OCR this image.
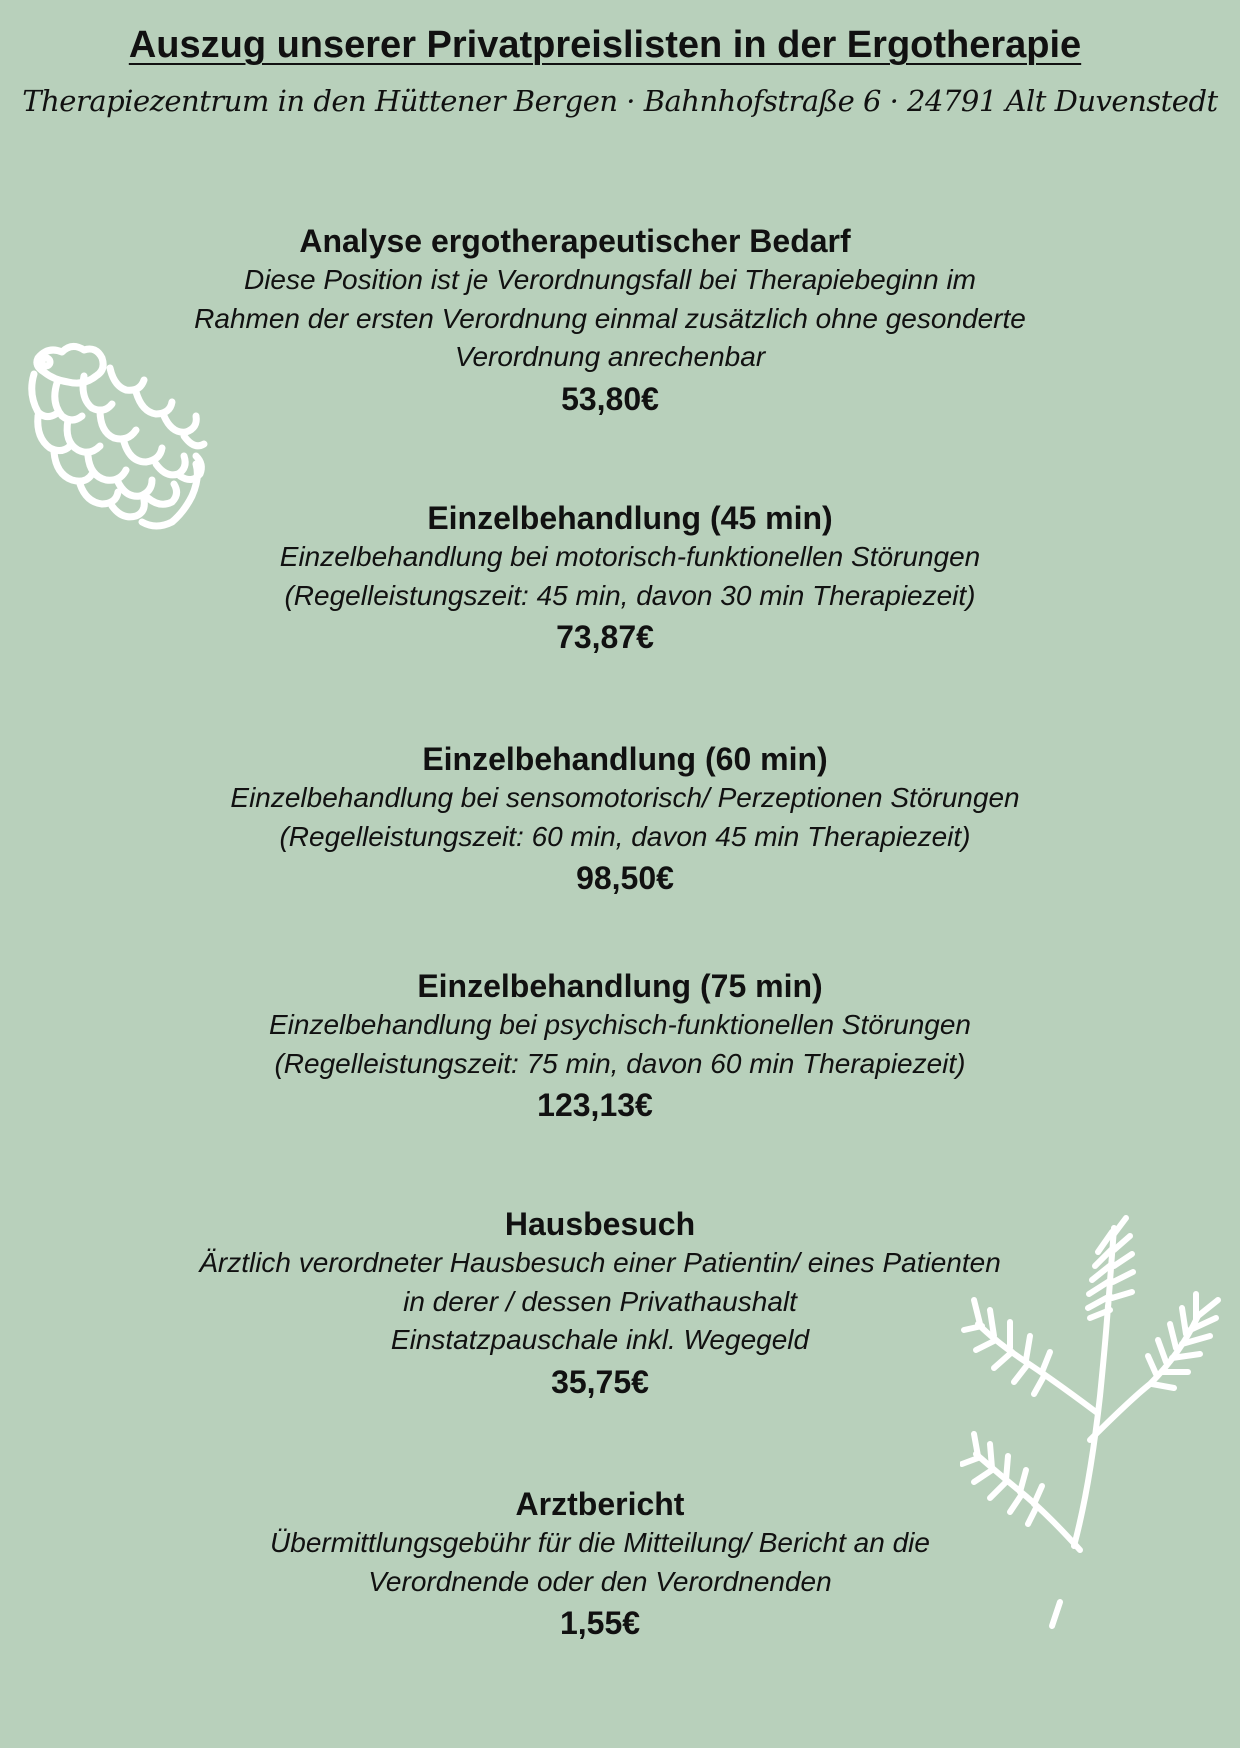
Auszug unserer Privatpreislisten in der Ergotherapie

Therapiezentrum in den Hüttener Bergen · Bahnhofstraße 6 · 24791 Alt Duvenstedt

Analyse ergotherapeutischer Bedarf

Diese Position ist je Verordnungsfall bei Therapiebeginn im

Rahmen der ersten Verordnung einmal zusätzlich ohne gesonderte

Verordnung anrechenbar

53,80€

Einzelbehandlung (45 min)

Einzelbehandlung bei motorisch-funktionellen Störungen

(Regelleistungszeit: 45 min, davon 30 min Therapiezeit)

73,87€

Einzelbehandlung (60 min)

Einzelbehandlung bei sensomotorisch/ Perzeptionen Störungen

(Regelleistungszeit: 60 min, davon 45 min Therapiezeit)

98,50€

Einzelbehandlung (75 min)

Einzelbehandlung bei psychisch-funktionellen Störungen

(Regelleistungszeit: 75 min, davon 60 min Therapiezeit)

123,13€

Hausbesuch

Ärztlich verordneter Hausbesuch einer Patientin/ eines Patienten

in derer / dessen Privathaushalt

Einstatzpauschale inkl. Wegegeld

35,75€

Arztbericht

Übermittlungsgebühr für die Mitteilung/ Bericht an die

Verordnende oder den Verordnenden

1,55€
